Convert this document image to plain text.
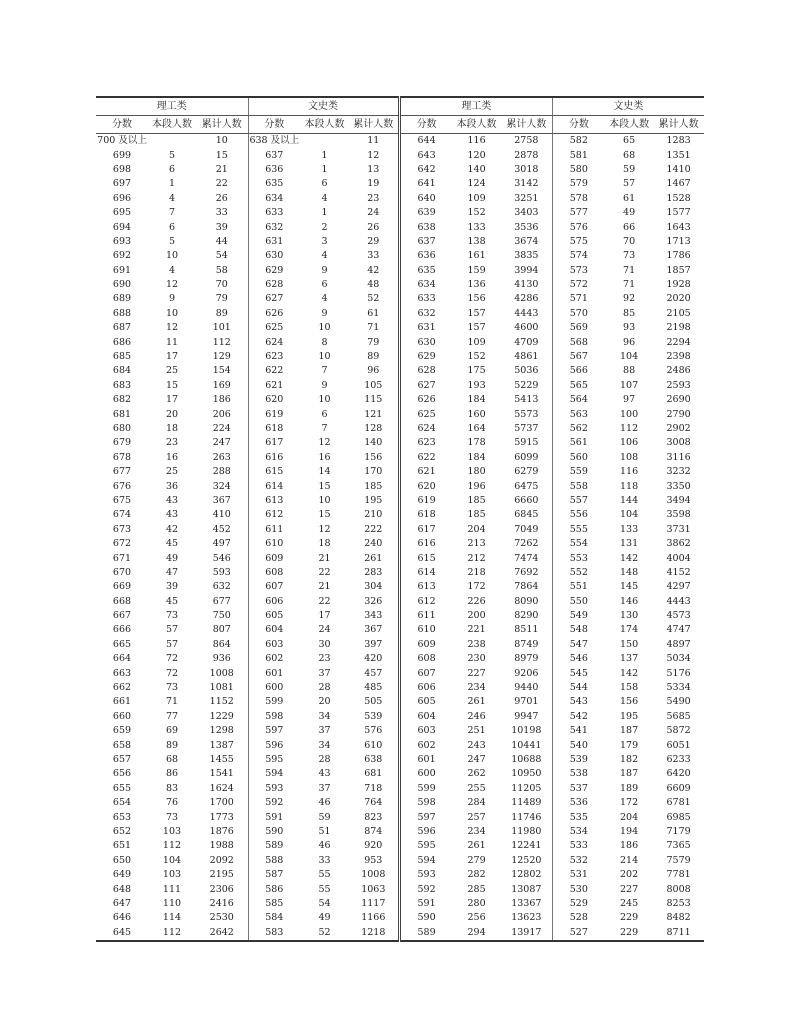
理工类			文史类		
分数	本段人数	累计人数	分数	本段人数	累计人数
700 及以上		10	638 及以上		11
699	5	15	637	1	12
698	6	21	636	1	13
697	1	22	635	6	19
696	4	26	634	4	23
695	7	33	633	1	24
694	6	39	632	2	26
693	5	44	631	3	29
692	10	54	630	4	33
691	4	58	629	9	42
690	12	70	628	6	48
689	9	79	627	4	52
688	10	89	626	9	61
687	12	101	625	10	71
686	11	112	624	8	79
685	17	129	623	10	89
684	25	154	622	7	96
683	15	169	621	9	105
682	17	186	620	10	115
681	20	206	619	6	121
680	18	224	618	7	128
679	23	247	617	12	140
678	16	263	616	16	156
677	25	288	615	14	170
676	36	324	614	15	185
675	43	367	613	10	195
674	43	410	612	15	210
673	42	452	611	12	222
672	45	497	610	18	240
671	49	546	609	21	261
670	47	593	608	22	283
669	39	632	607	21	304
668	45	677	606	22	326
667	73	750	605	17	343
666	57	807	604	24	367
665	57	864	603	30	397
664	72	936	602	23	420
663	72	1008	601	37	457
662	73	1081	600	28	485
661	71	1152	599	20	505
660	77	1229	598	34	539
659	69	1298	597	37	576
658	89	1387	596	34	610
657	68	1455	595	28	638
656	86	1541	594	43	681
655	83	1624	593	37	718
654	76	1700	592	46	764
653	73	1773	591	59	823
652	103	1876	590	51	874
651	112	1988	589	46	920
650	104	2092	588	33	953
649	103	2195	587	55	1008
648	111	2306	586	55	1063
647	110	2416	585	54	1117
646	114	2530	584	49	1166
645	112	2642	583	52	1218
理工类			文史类		
分数	本段人数	累计人数	分数	本段人数	累计人数
644	116	2758	582	65	1283
643	120	2878	581	68	1351
642	140	3018	580	59	1410
641	124	3142	579	57	1467
640	109	3251	578	61	1528
639	152	3403	577	49	1577
638	133	3536	576	66	1643
637	138	3674	575	70	1713
636	161	3835	574	73	1786
635	159	3994	573	71	1857
634	136	4130	572	71	1928
633	156	4286	571	92	2020
632	157	4443	570	85	2105
631	157	4600	569	93	2198
630	109	4709	568	96	2294
629	152	4861	567	104	2398
628	175	5036	566	88	2486
627	193	5229	565	107	2593
626	184	5413	564	97	2690
625	160	5573	563	100	2790
624	164	5737	562	112	2902
623	178	5915	561	106	3008
622	184	6099	560	108	3116
621	180	6279	559	116	3232
620	196	6475	558	118	3350
619	185	6660	557	144	3494
618	185	6845	556	104	3598
617	204	7049	555	133	3731
616	213	7262	554	131	3862
615	212	7474	553	142	4004
614	218	7692	552	148	4152
613	172	7864	551	145	4297
612	226	8090	550	146	4443
611	200	8290	549	130	4573
610	221	8511	548	174	4747
609	238	8749	547	150	4897
608	230	8979	546	137	5034
607	227	9206	545	142	5176
606	234	9440	544	158	5334
605	261	9701	543	156	5490
604	246	9947	542	195	5685
603	251	10198	541	187	5872
602	243	10441	540	179	6051
601	247	10688	539	182	6233
600	262	10950	538	187	6420
599	255	11205	537	189	6609
598	284	11489	536	172	6781
597	257	11746	535	204	6985
596	234	11980	534	194	7179
595	261	12241	533	186	7365
594	279	12520	532	214	7579
593	282	12802	531	202	7781
592	285	13087	530	227	8008
591	280	13367	529	245	8253
590	256	13623	528	229	8482
589	294	13917	527	229	8711
